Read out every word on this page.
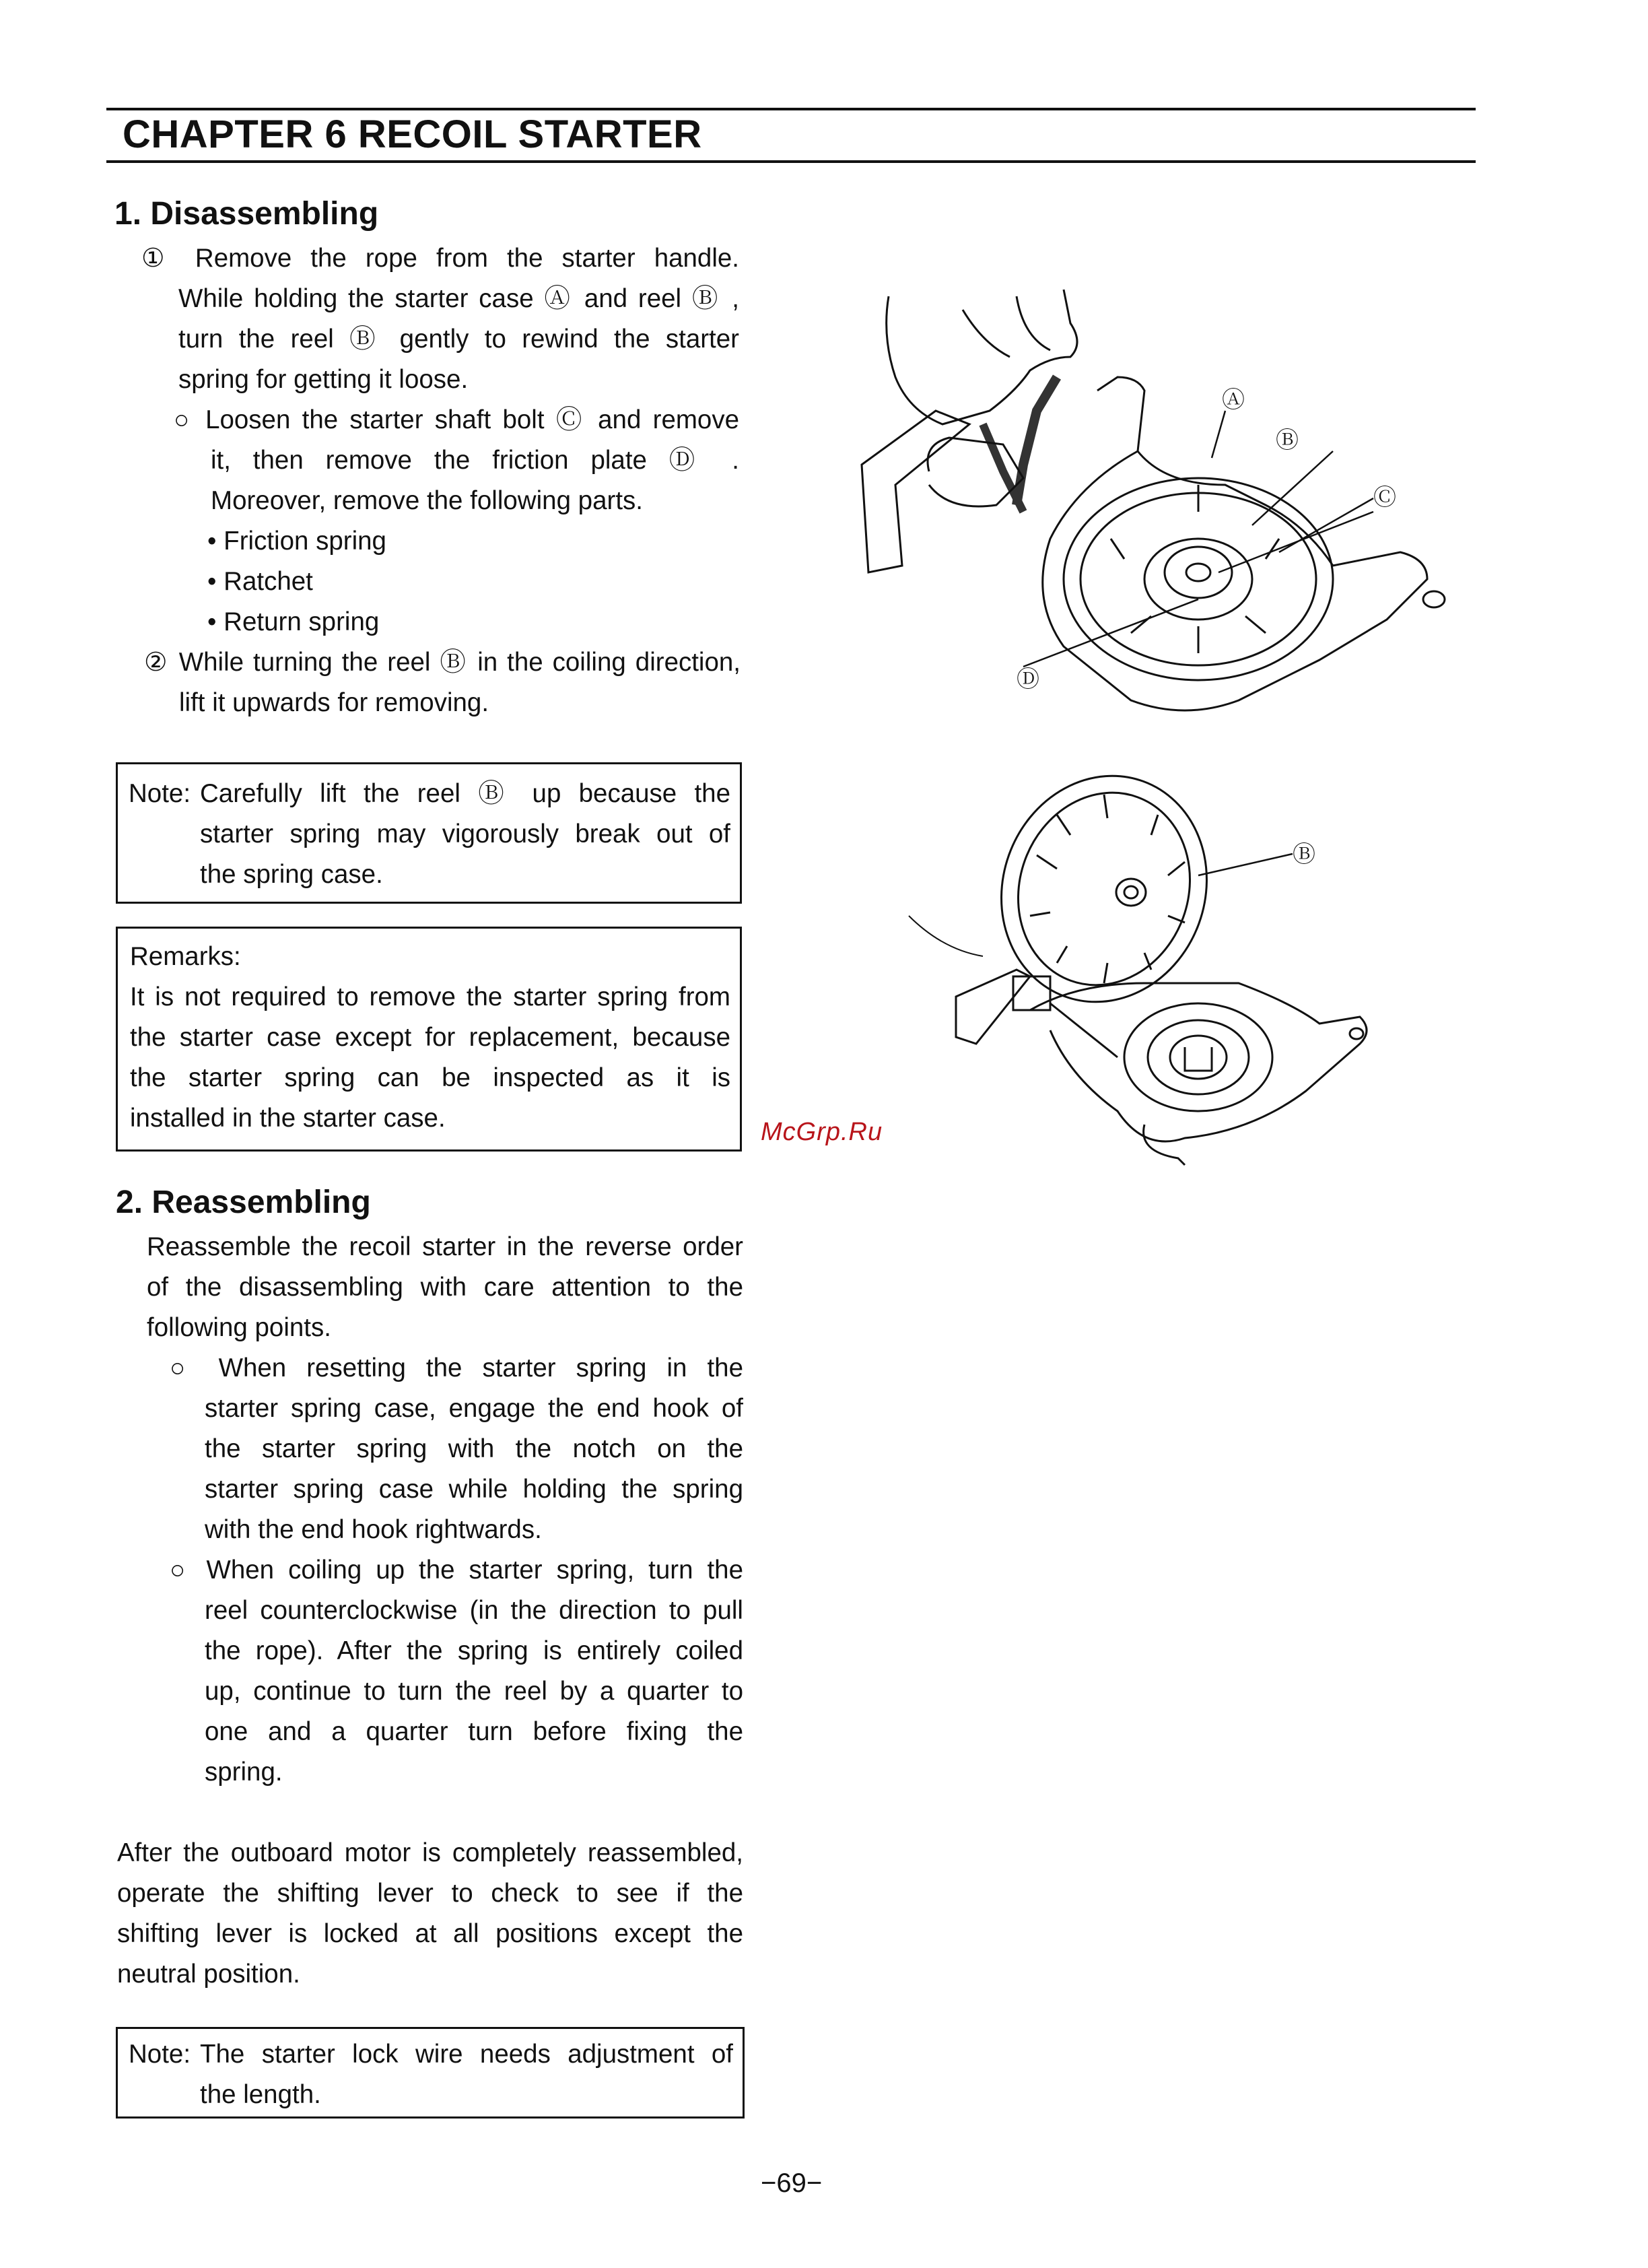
CHAPTER 6 RECOIL STARTER
1. Disassembling
① Remove the rope from the starter handle.
While holding the starter case Ⓐ and reel Ⓑ ,
turn the reel Ⓑ gently to rewind the starter
spring for getting it loose.
○ Loosen the starter shaft bolt Ⓒ and remove
it, then remove the friction plate Ⓓ .
Moreover, remove the following parts.
• Friction spring
• Ratchet
• Return spring
② While turning the reel Ⓑ in the coiling direction,
lift it upwards for removing.
Note: Carefully lift the reel Ⓑ up because the
starter spring may vigorously break out of
the spring case.
Remarks:
It is not required to remove the starter spring from
the starter case except for replacement, because
the starter spring can be inspected as it is
installed in the starter case.
2. Reassembling
Reassemble the recoil starter in the reverse order
of the disassembling with care attention to the
following points.
○ When resetting the starter spring in the
starter spring case, engage the end hook of
the starter spring with the notch on the
starter spring case while holding the spring
with the end hook rightwards.
○ When coiling up the starter spring, turn the
reel counterclockwise (in the direction to pull
the rope). After the spring is entirely coiled
up, continue to turn the reel by a quarter to
one and a quarter turn before fixing the
spring.
After the outboard motor is completely reassembled,
operate the shifting lever to check to see if the
shifting lever is locked at all positions except the
neutral position.
Note: The starter lock wire needs adjustment of
the length.
Ⓐ
Ⓑ
Ⓒ
Ⓓ
Ⓑ
McGrp.Ru
−69−
